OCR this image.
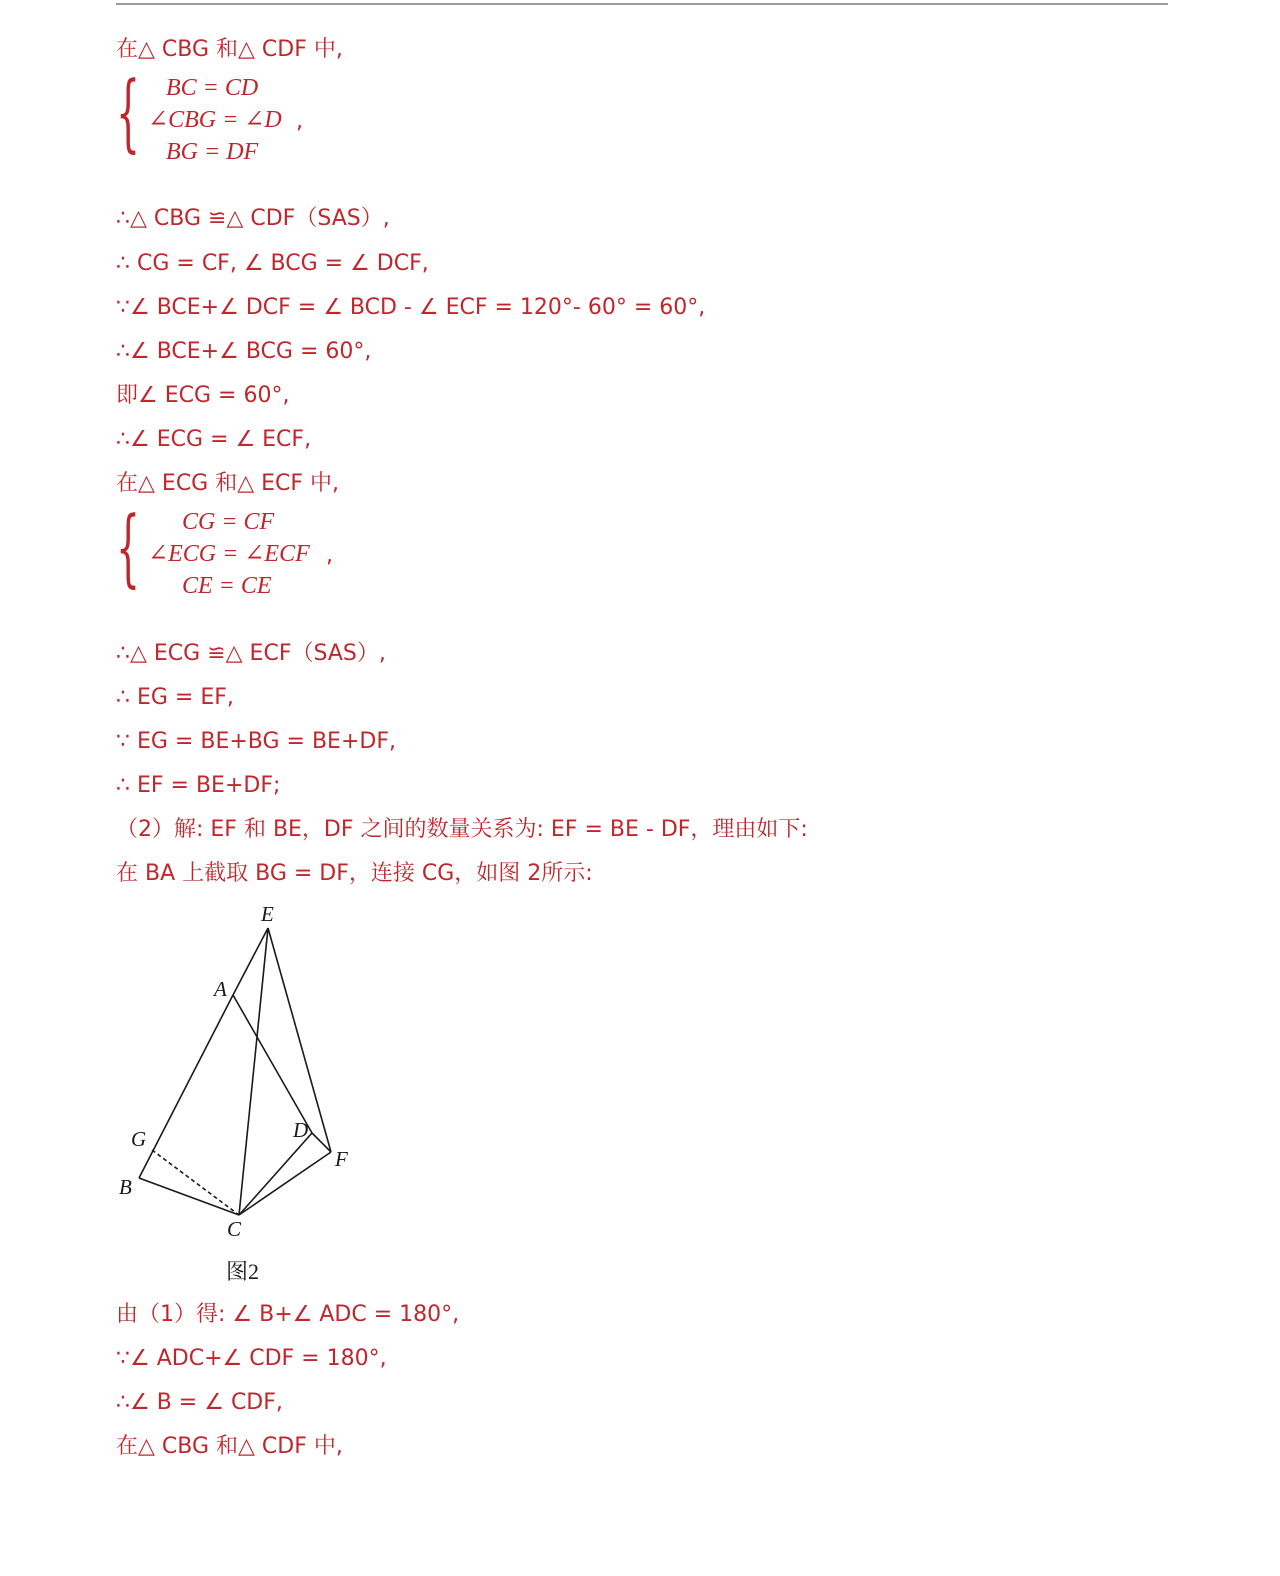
在△ CBG 和△ CDF 中,
{ BC = CD
∠CBG = ∠D
BG = DF
,
∴△ CBG ≌△ CDF（SAS）,
∴ CG = CF, ∠ BCG = ∠ DCF,
∵∠ BCE+∠ DCF = ∠ BCD - ∠ ECF = 120°- 60° = 60°,
∴∠ BCE+∠ BCG = 60°,
即∠ ECG = 60°,
∴∠ ECG = ∠ ECF,
在△ ECG 和△ ECF 中,
{ CG = CF
∠ECG = ∠ECF
CE = CE
,
∴△ ECG ≌△ ECF（SAS）,
∴ EG = EF,
∵ EG = BE+BG = BE+DF,
∴ EF = BE+DF;
（2）解: EF 和 BE，DF 之间的数量关系为: EF = BE - DF，理由如下:
在 BA 上截取 BG = DF，连接 CG，如图 2所示:
E
A
G
B
C
D
F
图2
由（1）得: ∠ B+∠ ADC = 180°,
∵∠ ADC+∠ CDF = 180°,
∴∠ B = ∠ CDF,
在△ CBG 和△ CDF 中,
